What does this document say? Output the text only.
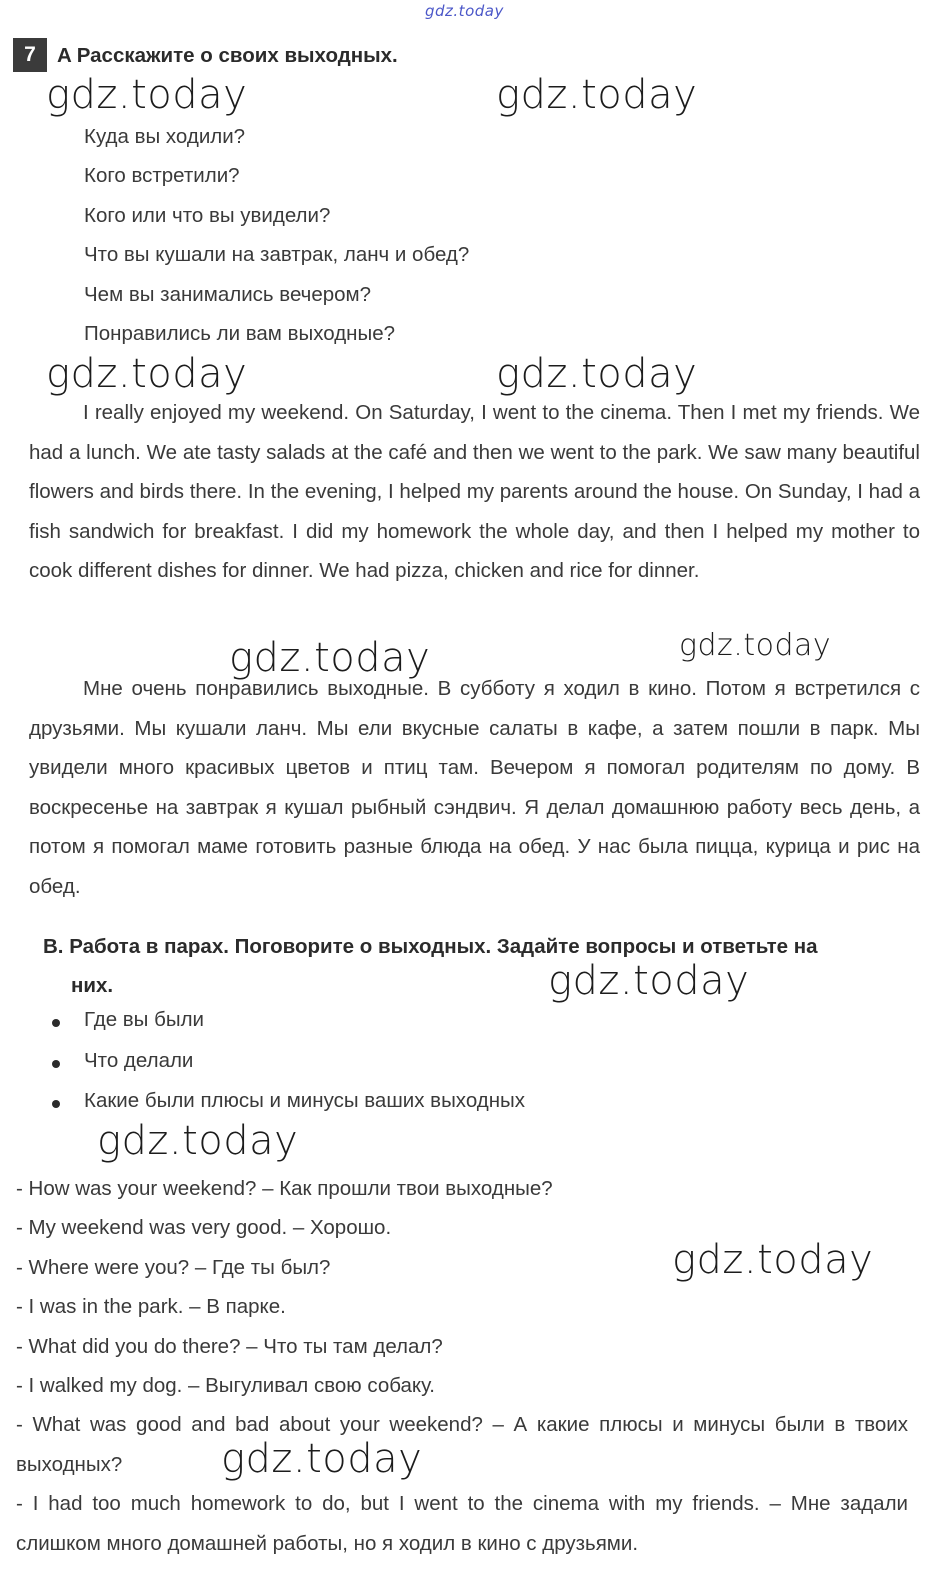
gdz.today
gdz.today	gdz.today
gdz.today	gdz.today
gdz.today	gdz.today
gdz.today
gdz.today
gdz.today
gdz.today
7	A Расскажите о своих выходных.
Куда вы ходили?
Кого встретили?
Кого или что вы увидели?
Что вы кушали на завтрак, ланч и обед?
Чем вы занимались вечером?
Понравились ли вам выходные?

I really enjoyed my weekend. On Saturday, I went to the cinema. Then I met my friends. We had a lunch. We ate tasty salads at the café and then we went to the park. We saw many beautiful flowers and birds there. In the evening, I helped my parents around the house. On Sunday, I had a fish sandwich for breakfast. I did my homework the whole day, and then I helped my mother to cook different dishes for dinner. We had pizza, chicken and rice for dinner.

Мне очень понравились выходные. В субботу я ходил в кино. Потом я встретился с друзьями. Мы кушали ланч. Мы ели вкусные салаты в кафе, а затем пошли в парк. Мы увидели много красивых цветов и птиц там. Вечером я помогал родителям по дому. В воскресенье на завтрак я кушал рыбный сэндвич. Я делал домашнюю работу весь день, а потом я помогал маме готовить разные блюда на обед. У нас была пицца, курица и рис на обед.

B. Работа в парах. Поговорите о выходных. Задайте вопросы и ответьте на
них.
Где вы были
Что делали
Какие были плюсы и минусы ваших выходных
- How was your weekend? – Как прошли твои выходные?
- My weekend was very good. – Хорошо.
- Where were you? – Где ты был?
- I was in the park. – В парке.
- What did you do there? – Что ты там делал?
- I walked my dog. – Выгуливал свою собаку.

- What was good and bad about your weekend? – А какие плюсы и минусы были в твоих выходных?

- I had too much homework to do, but I went to the cinema with my friends. – Мне задали слишком много домашней работы, но я ходил в кино с друзьями.
